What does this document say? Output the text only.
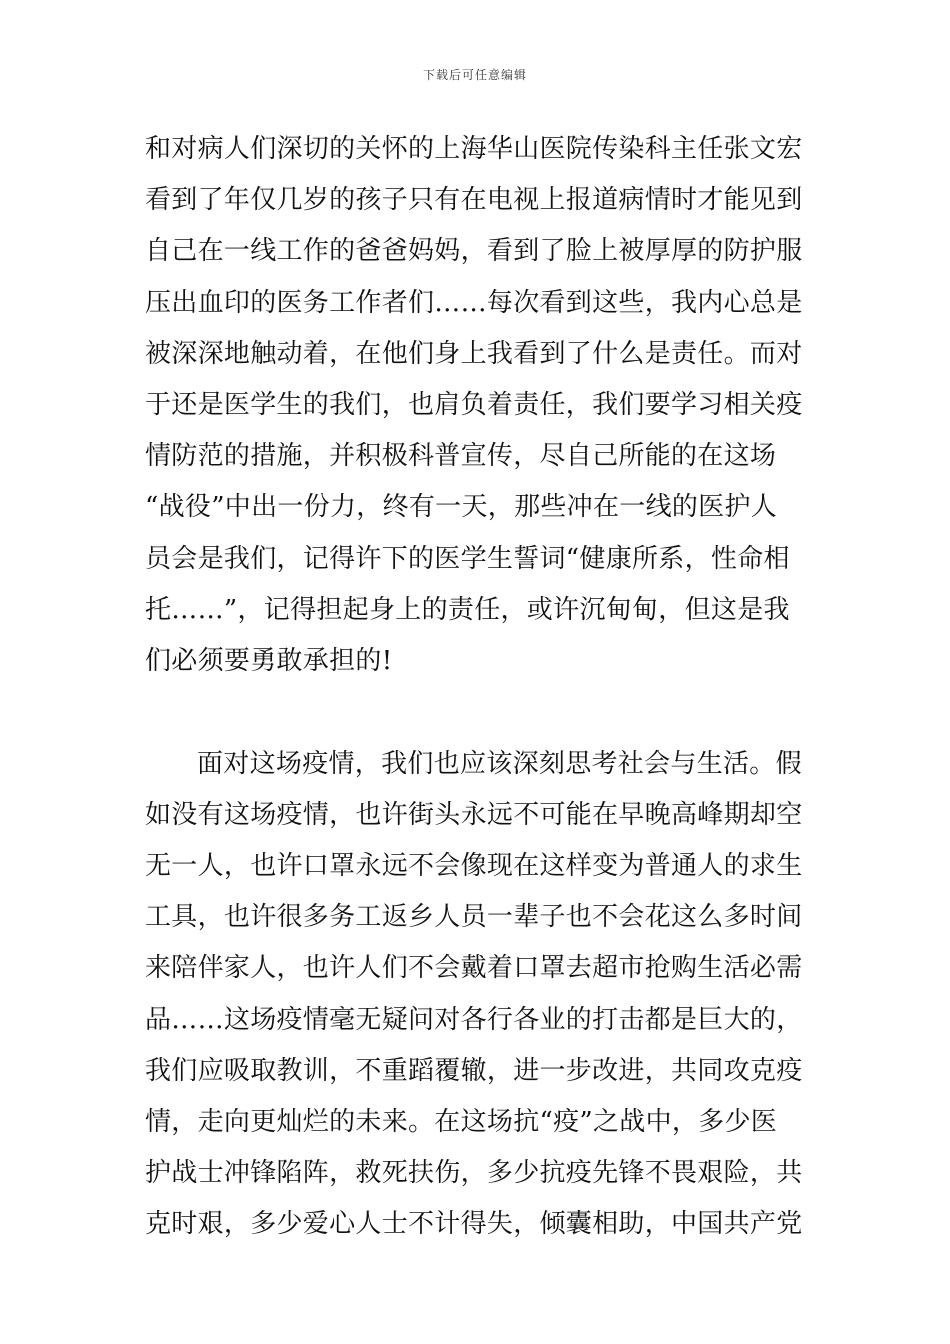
下载后可任意编辑
和对病人们深切的关怀的上海华山医院传染科主任张文宏
看到了年仅几岁的孩子只有在电视上报道病情时才能见到
自己在一线工作的爸爸妈妈，看到了脸上被厚厚的防护服
压出血印的医务工作者们……每次看到这些，我内心总是
被深深地触动着，在他们身上我看到了什么是责任。而对
于还是医学生的我们，也肩负着责任，我们要学习相关疫
情防范的措施，并积极科普宣传，尽自己所能的在这场
“战役”中出一份力，终有一天，那些冲在一线的医护人
员会是我们，记得许下的医学生誓词“健康所系，性命相
托……”，记得担起身上的责任，或许沉甸甸，但这是我
们必须要勇敢承担的!
面对这场疫情，我们也应该深刻思考社会与生活。假
如没有这场疫情，也许街头永远不可能在早晚高峰期却空
无一人，也许口罩永远不会像现在这样变为普通人的求生
工具，也许很多务工返乡人员一辈子也不会花这么多时间
来陪伴家人，也许人们不会戴着口罩去超市抢购生活必需
品……这场疫情毫无疑问对各行各业的打击都是巨大的，
我们应吸取教训，不重蹈覆辙，进一步改进，共同攻克疫
情，走向更灿烂的未来。在这场抗“疫”之战中，多少医
护战士冲锋陷阵，救死扶伤，多少抗疫先锋不畏艰险，共
克时艰，多少爱心人士不计得失，倾囊相助，中国共产党
